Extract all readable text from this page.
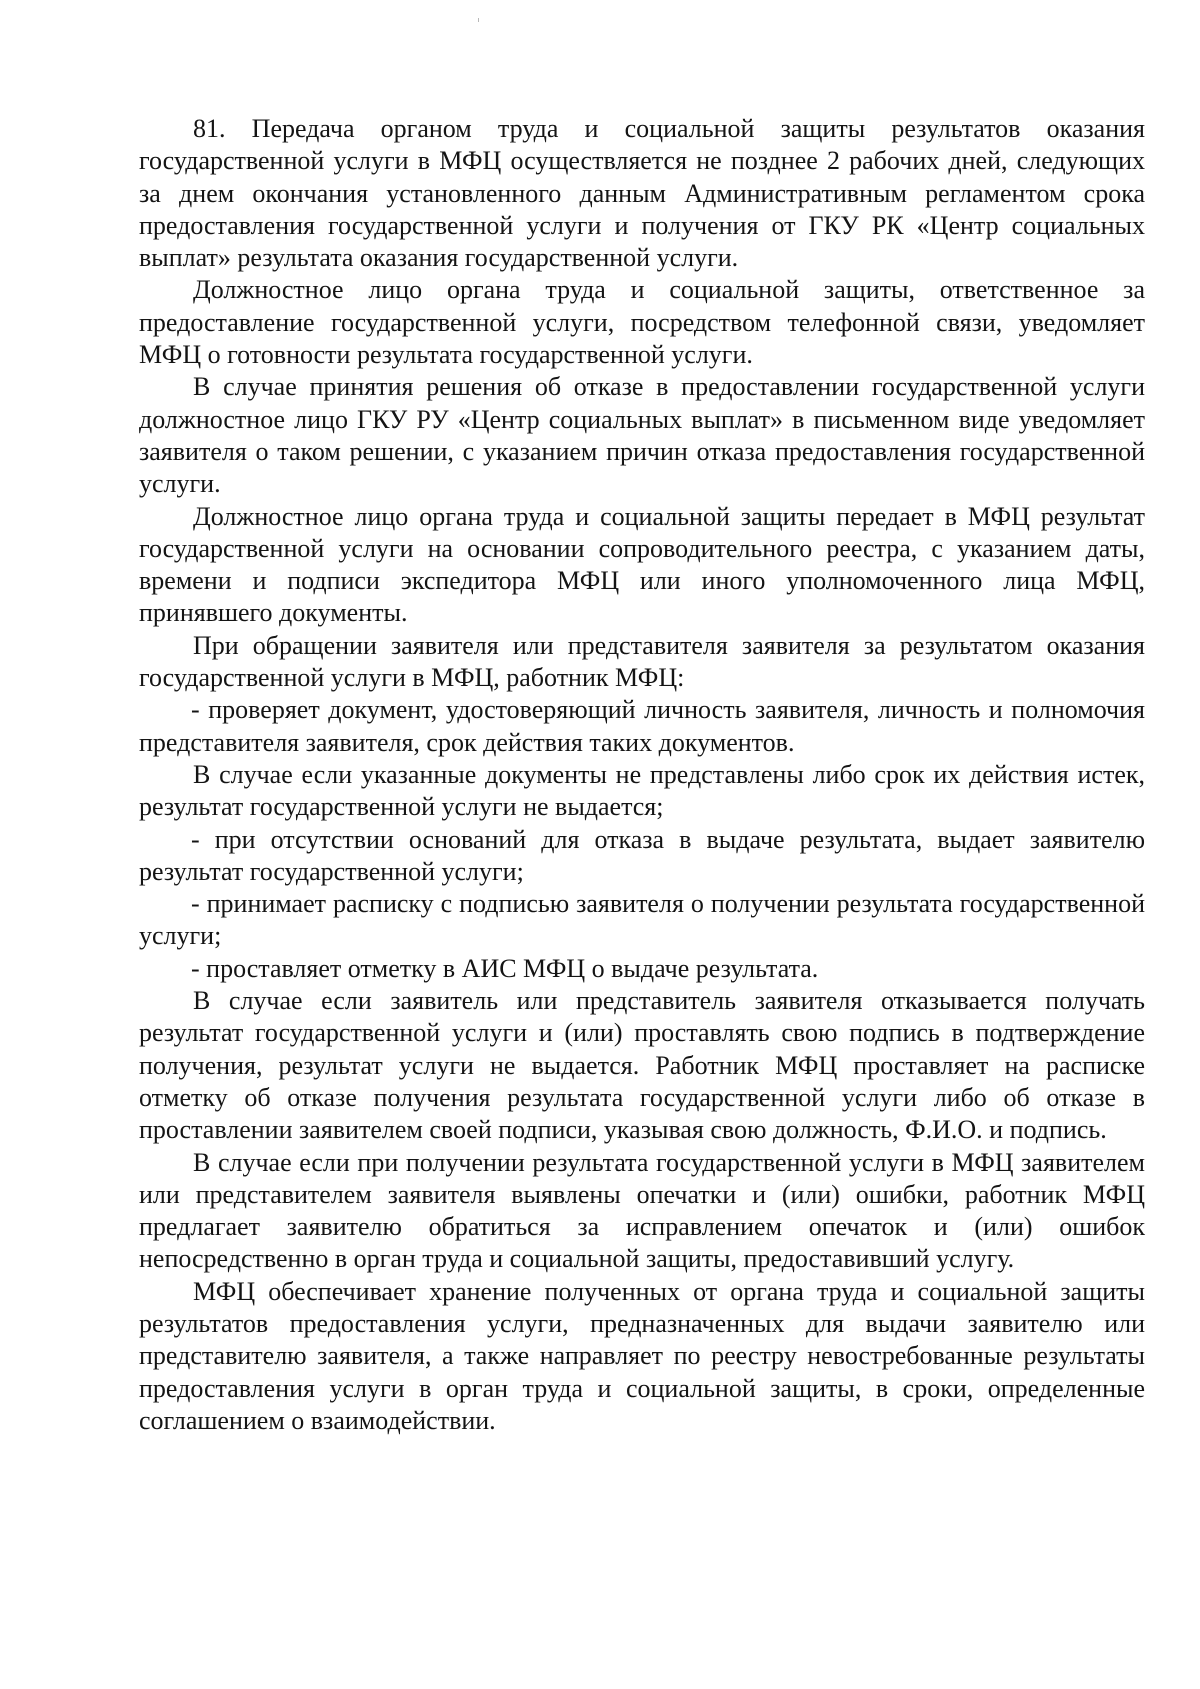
81. Передача органом труда и социальной защиты результатов оказания государственной услуги в МФЦ осуществляется не позднее 2 рабочих дней, следующих за днем окончания установленного данным Административным регламентом срока предоставления государственной услуги и получения от ГКУ РК «Центр социальных выплат» результата оказания государственной услуги.

Должностное лицо органа труда и социальной защиты, ответственное за предоставление государственной услуги, посредством телефонной связи, уведомляет МФЦ о готовности результата государственной услуги.

В случае принятия решения об отказе в предоставлении государственной услуги должностное лицо ГКУ РУ «Центр социальных выплат» в письменном виде уведомляет заявителя о таком решении, с указанием причин отказа предоставления государственной услуги.

Должностное лицо органа труда и социальной защиты передает в МФЦ результат государственной услуги на основании сопроводительного реестра, с указанием даты, времени и подписи экспедитора МФЦ или иного уполномоченного лица МФЦ, принявшего документы.

При обращении заявителя или представителя заявителя за результатом оказания государственной услуги в МФЦ, работник МФЦ:

- проверяет документ, удостоверяющий личность заявителя, личность и полномочия представителя заявителя, срок действия таких документов.

В случае если указанные документы не представлены либо срок их действия истек, результат государственной услуги не выдается;

- при отсутствии оснований для отказа в выдаче результата, выдает заявителю результат государственной услуги;

- принимает расписку с подписью заявителя о получении результата государственной услуги;

- проставляет отметку в АИС МФЦ о выдаче результата.

В случае если заявитель или представитель заявителя отказывается получать результат государственной услуги и (или) проставлять свою подпись в подтверждение получения, результат услуги не выдается. Работник МФЦ проставляет на расписке отметку об отказе получения результата государственной услуги либо об отказе в проставлении заявителем своей подписи, указывая свою должность, Ф.И.О. и подпись.

В случае если при получении результата государственной услуги в МФЦ заявителем или представителем заявителя выявлены опечатки и (или) ошибки, работник МФЦ предлагает заявителю обратиться за исправлением опечаток и (или) ошибок непосредственно в орган труда и социальной защиты, предоставивший услугу.

МФЦ обеспечивает хранение полученных от органа труда и социальной защиты результатов предоставления услуги, предназначенных для выдачи заявителю или представителю заявителя, а также направляет по реестру невостребованные результаты предоставления услуги в орган труда и социальной защиты, в сроки, определенные соглашением о взаимодействии.
